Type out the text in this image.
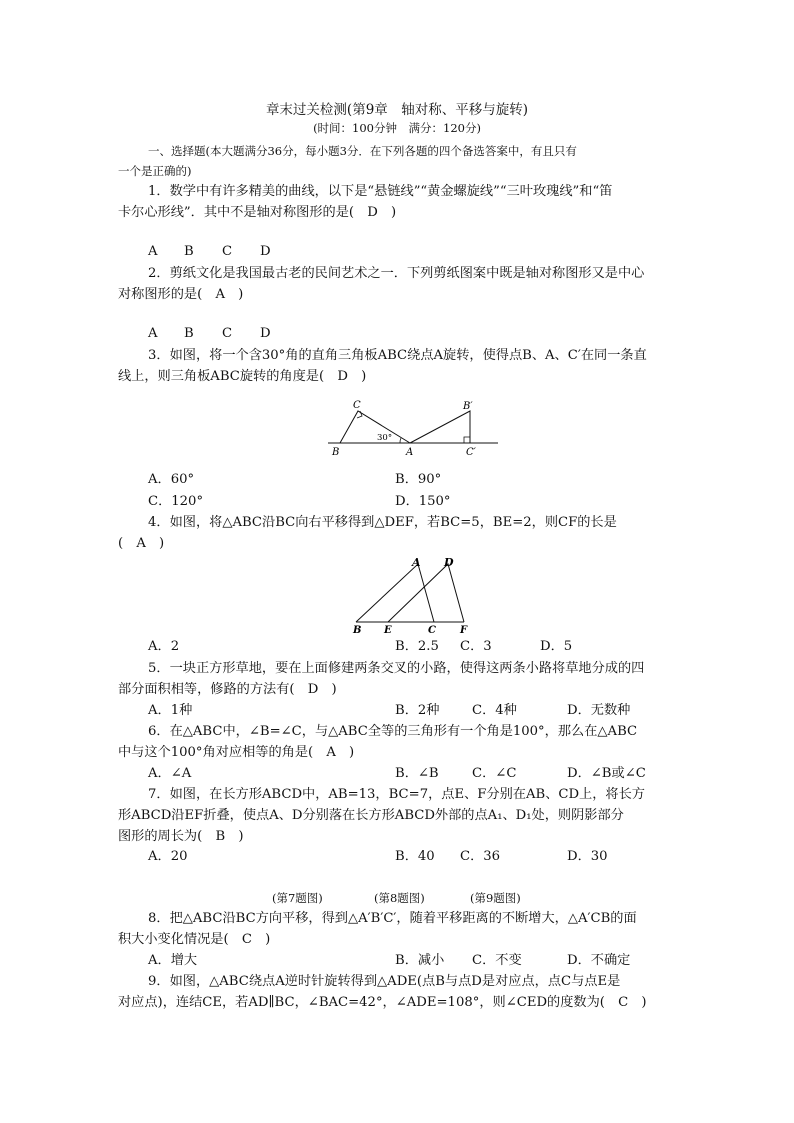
章末过关检测(第9章　轴对称、平移与旋转)
(时间：100分钟　满分：120分)
一、选择题(本大题满分36分，每小题3分．在下列各题的四个备选答案中，有且只有
一个是正确的)
1．数学中有许多精美的曲线，以下是“悬链线”“黄金螺旋线”“三叶玫瑰线”和“笛
卡尔心形线”．其中不是轴对称图形的是(　D　)
A B C D
2．剪纸文化是我国最古老的民间艺术之一．下列剪纸图案中既是轴对称图形又是中心
对称图形的是(　A　)
A B C D
3．如图，将一个含30°角的直角三角板ABC绕点A旋转，使得点B、A、C′在同一条直
线上，则三角板ABC旋转的角度是(　D　)
C
B	A
B′
C′
30°
A．60°	B．90°
C．120°	D．150°
4．如图，将△ABC沿BC向右平移得到△DEF，若BC=5，BE=2，则CF的长是
(　A　)
A D
B E	C F
A．2	B．2.5 C．3	D．5
5．一块正方形草地，要在上面修建两条交叉的小路，使得这两条小路将草地分成的四
部分面积相等，修路的方法有(　D　)
A．1种	B．2种 C．4种	D．无数种
6．在△ABC中，∠B=∠C，与△ABC全等的三角形有一个角是100°，那么在△ABC
中与这个100°角对应相等的角是(　A　)
A．∠A	B．∠B	C．∠C	D．∠B或∠C
7．如图，在长方形ABCD中，AB=13，BC=7，点E、F分别在AB、CD上，将长方
形ABCD沿EF折叠，使点A、D分别落在长方形ABCD外部的点A₁、D₁处，则阴影部分
图形的周长为(　B　)
A．20	B．40 C．36	D．30
(第7题图)	(第8题图)	(第9题图)
8．把△ABC沿BC方向平移，得到△A′B′C′，随着平移距离的不断增大，△A′CB的面
积大小变化情况是(　C　)
A．增大	B．减小 C．不变	D．不确定
9．如图，△ABC绕点A逆时针旋转得到△ADE(点B与点D是对应点，点C与点E是
对应点)，连结CE，若AD∥BC，∠BAC=42°，∠ADE=108°，则∠CED的度数为(　C　)
